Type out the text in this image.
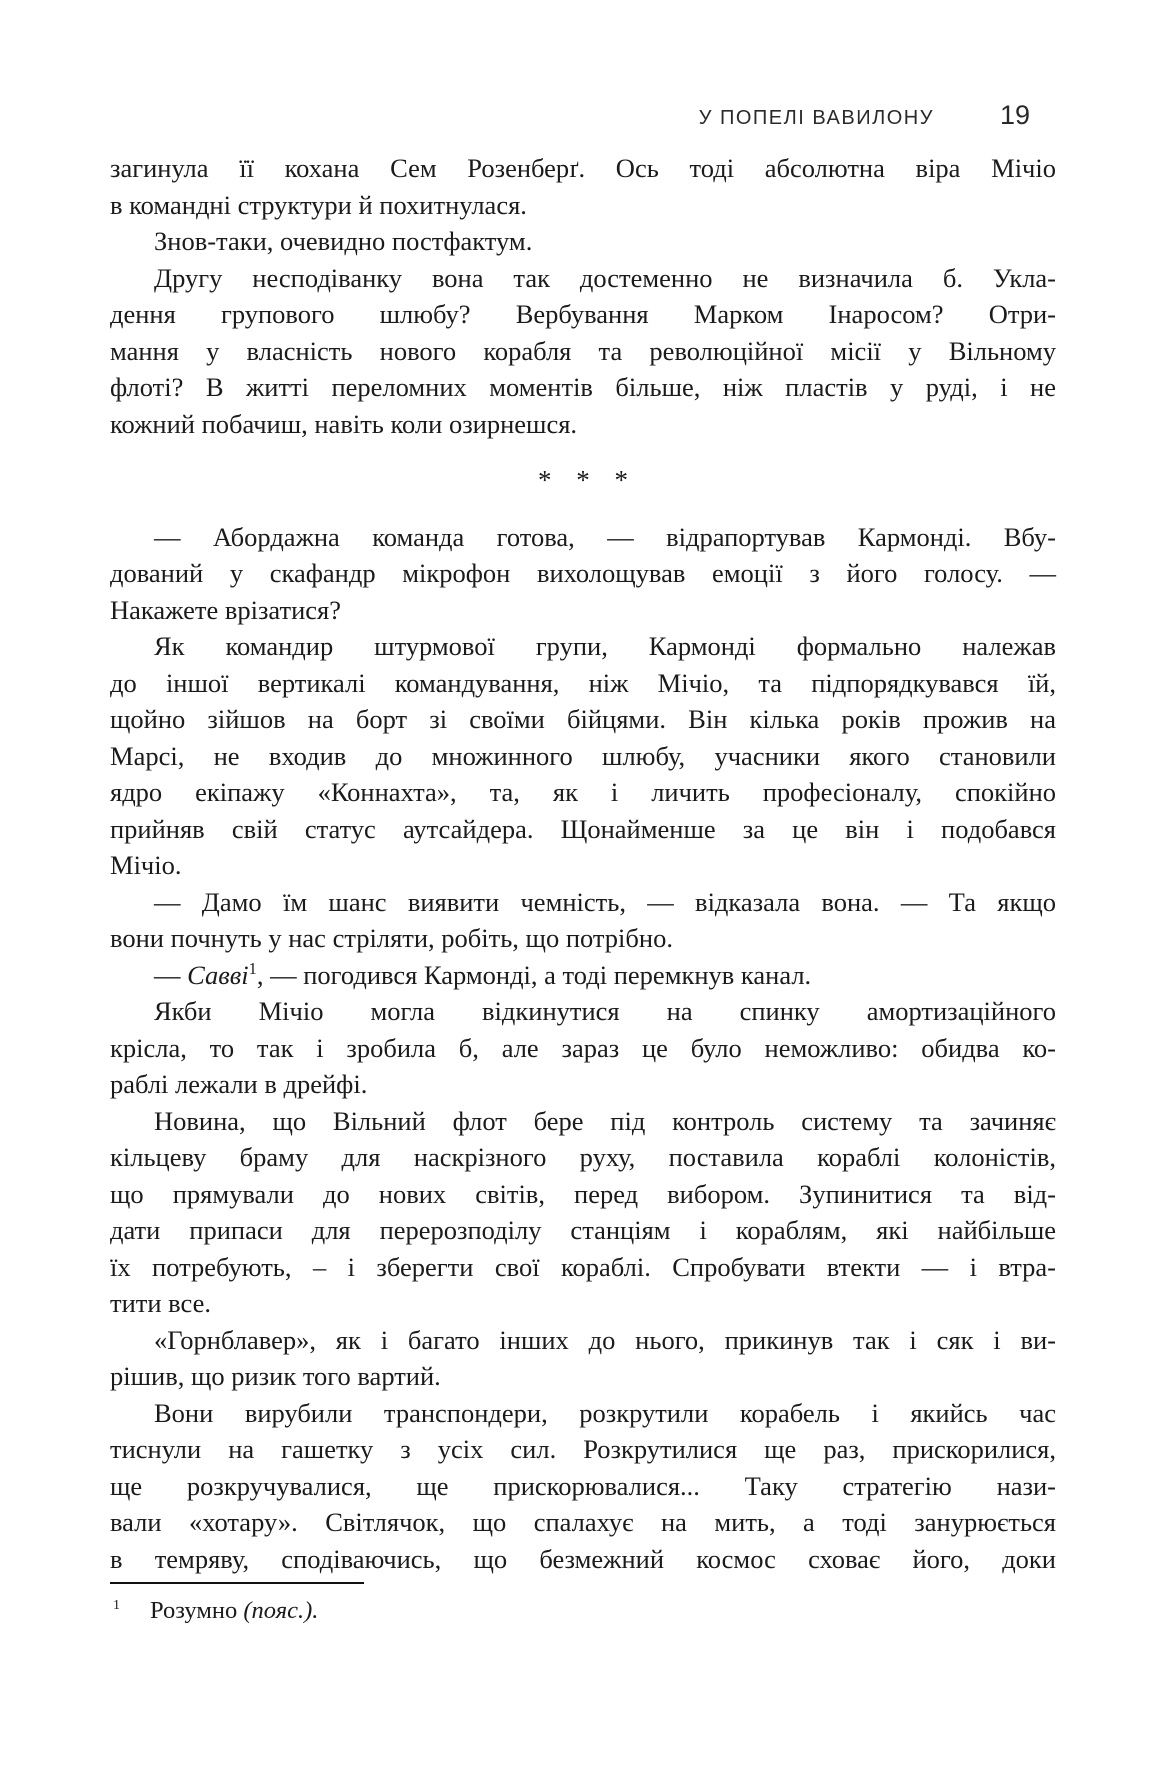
У ПОПЕЛІ ВАВИЛОНУ 19
загинула її кохана Сем Розенберґ. Ось тоді абсолютна віра Мічіо
в командні структури й похитнулася.
Знов-таки, очевидно постфактум.
Другу несподіванку вона так достеменно не визначила б. Укла-
дення групового шлюбу? Вербування Марком Інаросом? Отри-
мання у власність нового корабля та революційної місії у Вільному
флоті? В житті переломних моментів більше, ніж пластів у руді, і не
кожний побачиш, навіть коли озирнешся.
* * *
— Абордажна команда готова, — відрапортував Кармонді. Вбу-
дований у скафандр мікрофон вихолощував емоції з його голосу. —
Накажете врізатися?
Як командир штурмової групи, Кармонді формально належав
до іншої вертикалі командування, ніж Мічіо, та підпорядкувався їй,
щойно зійшов на борт зі своїми бійцями. Він кілька років прожив на
Марсі, не входив до множинного шлюбу, учасники якого становили
ядро екіпажу «Коннахта», та, як і личить професіоналу, спокійно
прийняв свій статус аутсайдера. Щонайменше за це він і подобався
Мічіо.
— Дамо їм шанс виявити чемність, — відказала вона. — Та якщо
вони почнуть у нас стріляти, робіть, що потрібно.
— Савві$^1$, — погодився Кармонді, а тоді перемкнув канал.
Якби Мічіо могла відкинутися на спинку амортизаційного
крісла, то так і зробила б, але зараз це було неможливо: обидва ко-
раблі лежали в дрейфі.
Новина, що Вільний флот бере під контроль систему та зачиняє
кільцеву браму для наскрізного руху, поставила кораблі колоністів,
що прямували до нових світів, перед вибором. Зупинитися та від-
дати припаси для перерозподілу станціям і кораблям, які найбільше
їх потребують, – і зберегти свої кораблі. Спробувати втекти — і втра-
тити все.
«Горнблавер», як і багато інших до нього, прикинув так і сяк і ви-
рішив, що ризик того вартий.
Вони вирубили транспондери, розкрутили корабель і якийсь час
тиснули на гашетку з усіх сил. Розкрутилися ще раз, прискорилися,
ще розкручувалися, ще прискорювалися... Таку стратегію нази-
вали «хотару». Світлячок, що спалахує на мить, а тоді занурюється
в темряву, сподіваючись, що безмежний космос сховає його, доки
$^1$ Розумно (пояс.).
